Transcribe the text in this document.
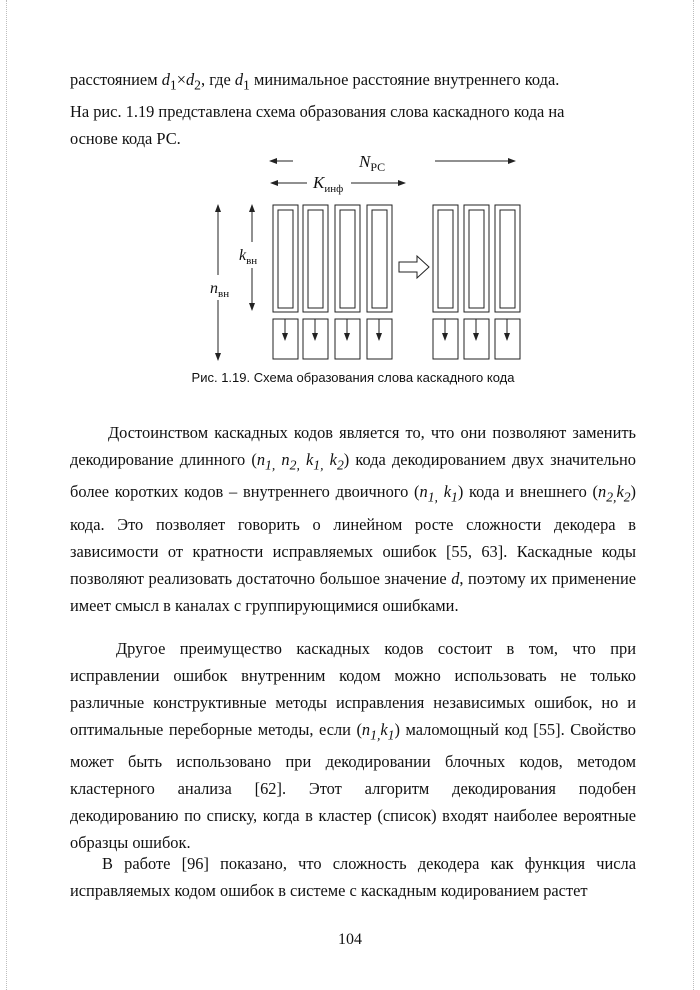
расстоянием $d_1\times d_2$, где $d_1$ минимальное расстояние внутреннего кода.
На рис. 1.19 представлена схема образования слова каскадного кода на
основе кода РС.

$N_{РС}$
$K_{инф}$
$n_{вн}$
$k_{вн}$
Рис. 1.19. Схема образования слова каскадного кода

Достоинством каскадных кодов является то, что они позволяют заменить декодирование длинного ($n_{1,}$ $n_{2,}$ $k_{1,}$ $k_2$) кода декодированием двух значительно более коротких кодов – внутреннего двоичного ($n_{1,}$ $k_1$) кода и внешнего $(n_{2,}k_2)$ кода. Это позволяет говорить о линейном росте сложности декодера в зависимости от кратности исправляемых ошибок [55, 63]. Каскадные коды позволяют реализовать достаточно большое значение d, поэтому их применение имеет смысл в каналах с группирующимися ошибками.

Другое преимущество каскадных кодов состоит в том, что при исправлении ошибок внутренним кодом можно использовать не только различные конструктивные методы исправления независимых ошибок, но и оптимальные переборные методы, если $(n_{1,}k_1)$ маломощный код [55]. Свойство может быть использовано при декодировании блочных кодов, методом кластерного анализа [62]. Этот алгоритм декодирования подобен декодированию по списку, когда в кластер (список) входят наиболее вероятные образцы ошибок.

В работе [96] показано, что сложность декодера как функция числа исправляемых кодом ошибок в системе с каскадным кодированием растет

104
